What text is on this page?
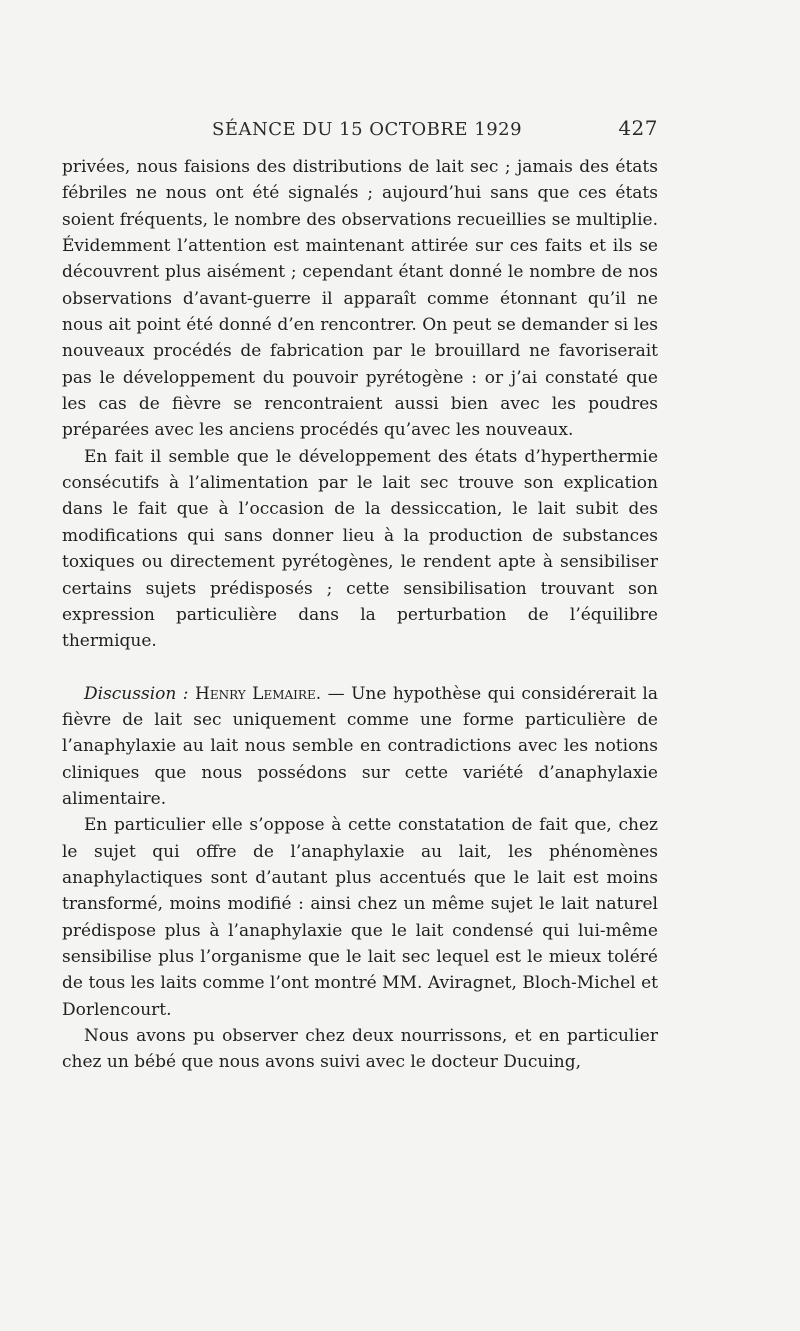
SÉANCE DU 15 OCTOBRE 1929	427

privées, nous faisions des distributions de lait sec ; jamais des états fébriles ne nous ont été signalés ; aujourd’hui sans que ces états soient fréquents, le nombre des observations recueillies se multiplie. Évidemment l’attention est maintenant attirée sur ces faits et ils se découvrent plus aisément ; cependant étant donné le nombre de nos observations d’avant-guerre il apparaît comme étonnant qu’il ne nous ait point été donné d’en rencontrer. On peut se demander si les nouveaux procédés de fabrication par le brouillard ne favoriserait pas le développement du pouvoir pyrétogène : or j’ai constaté que les cas de fièvre se rencontraient aussi bien avec les poudres préparées avec les anciens procédés qu’avec les nouveaux.

En fait il semble que le développement des états d’hyperthermie consécutifs à l’alimentation par le lait sec trouve son explication dans le fait que à l’occasion de la dessiccation, le lait subit des modifications qui sans donner lieu à la production de substances toxiques ou directement pyrétogènes, le rendent apte à sensibiliser certains sujets prédisposés ; cette sensibilisation trouvant son expression particulière dans la perturbation de l’équilibre thermique.

Discussion : Henry Lemaire. — Une hypothèse qui considérerait la fièvre de lait sec uniquement comme une forme particulière de l’anaphylaxie au lait nous semble en contradictions avec les notions cliniques que nous possédons sur cette variété d’anaphylaxie alimentaire.

En particulier elle s’oppose à cette constatation de fait que, chez le sujet qui offre de l’anaphylaxie au lait, les phénomènes anaphylactiques sont d’autant plus accentués que le lait est moins transformé, moins modifié : ainsi chez un même sujet le lait naturel prédispose plus à l’anaphylaxie que le lait condensé qui lui-même sensibilise plus l’organisme que le lait sec lequel est le mieux toléré de tous les laits comme l’ont montré MM. Aviragnet, Bloch-Michel et Dorlencourt.

Nous avons pu observer chez deux nourrissons, et en particulier chez un bébé que nous avons suivi avec le docteur Ducuing,
